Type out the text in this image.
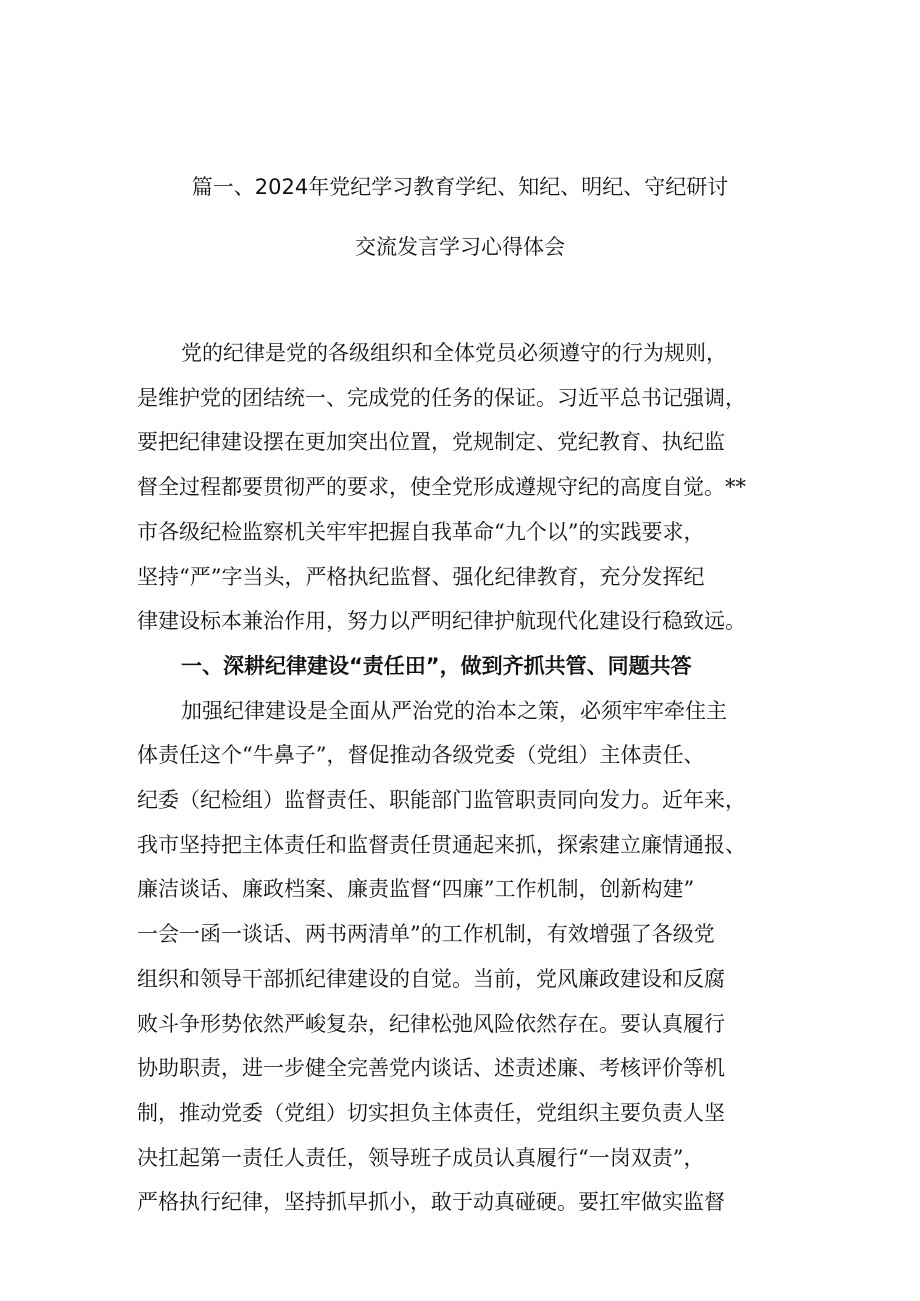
篇一、2024年党纪学习教育学纪、知纪、明纪、守纪研讨
交流发言学习心得体会

党的纪律是党的各级组织和全体党员必须遵守的行为规则，
是维护党的团结统一、完成党的任务的保证。习近平总书记强调，
要把纪律建设摆在更加突出位置，党规制定、党纪教育、执纪监
督全过程都要贯彻严的要求，使全党形成遵规守纪的高度自觉。**
市各级纪检监察机关牢牢把握自我革命“九个以”的实践要求，
坚持“严”字当头，严格执纪监督、强化纪律教育，充分发挥纪
律建设标本兼治作用，努力以严明纪律护航现代化建设行稳致远。

一、深耕纪律建设“责任田”，做到齐抓共管、同题共答

加强纪律建设是全面从严治党的治本之策，必须牢牢牵住主
体责任这个“牛鼻子”，督促推动各级党委（党组）主体责任、
纪委（纪检组）监督责任、职能部门监管职责同向发力。近年来，
我市坚持把主体责任和监督责任贯通起来抓，探索建立廉情通报、
廉洁谈话、廉政档案、廉责监督“四廉”工作机制，创新构建”
一会一函一谈话、两书两清单”的工作机制，有效增强了各级党
组织和领导干部抓纪律建设的自觉。当前，党风廉政建设和反腐
败斗争形势依然严峻复杂，纪律松弛风险依然存在。要认真履行
协助职责，进一步健全完善党内谈话、述责述廉、考核评价等机
制，推动党委（党组）切实担负主体责任，党组织主要负责人坚
决扛起第一责任人责任，领导班子成员认真履行“一岗双责”，
严格执行纪律，坚持抓早抓小，敢于动真碰硬。要扛牢做实监督
